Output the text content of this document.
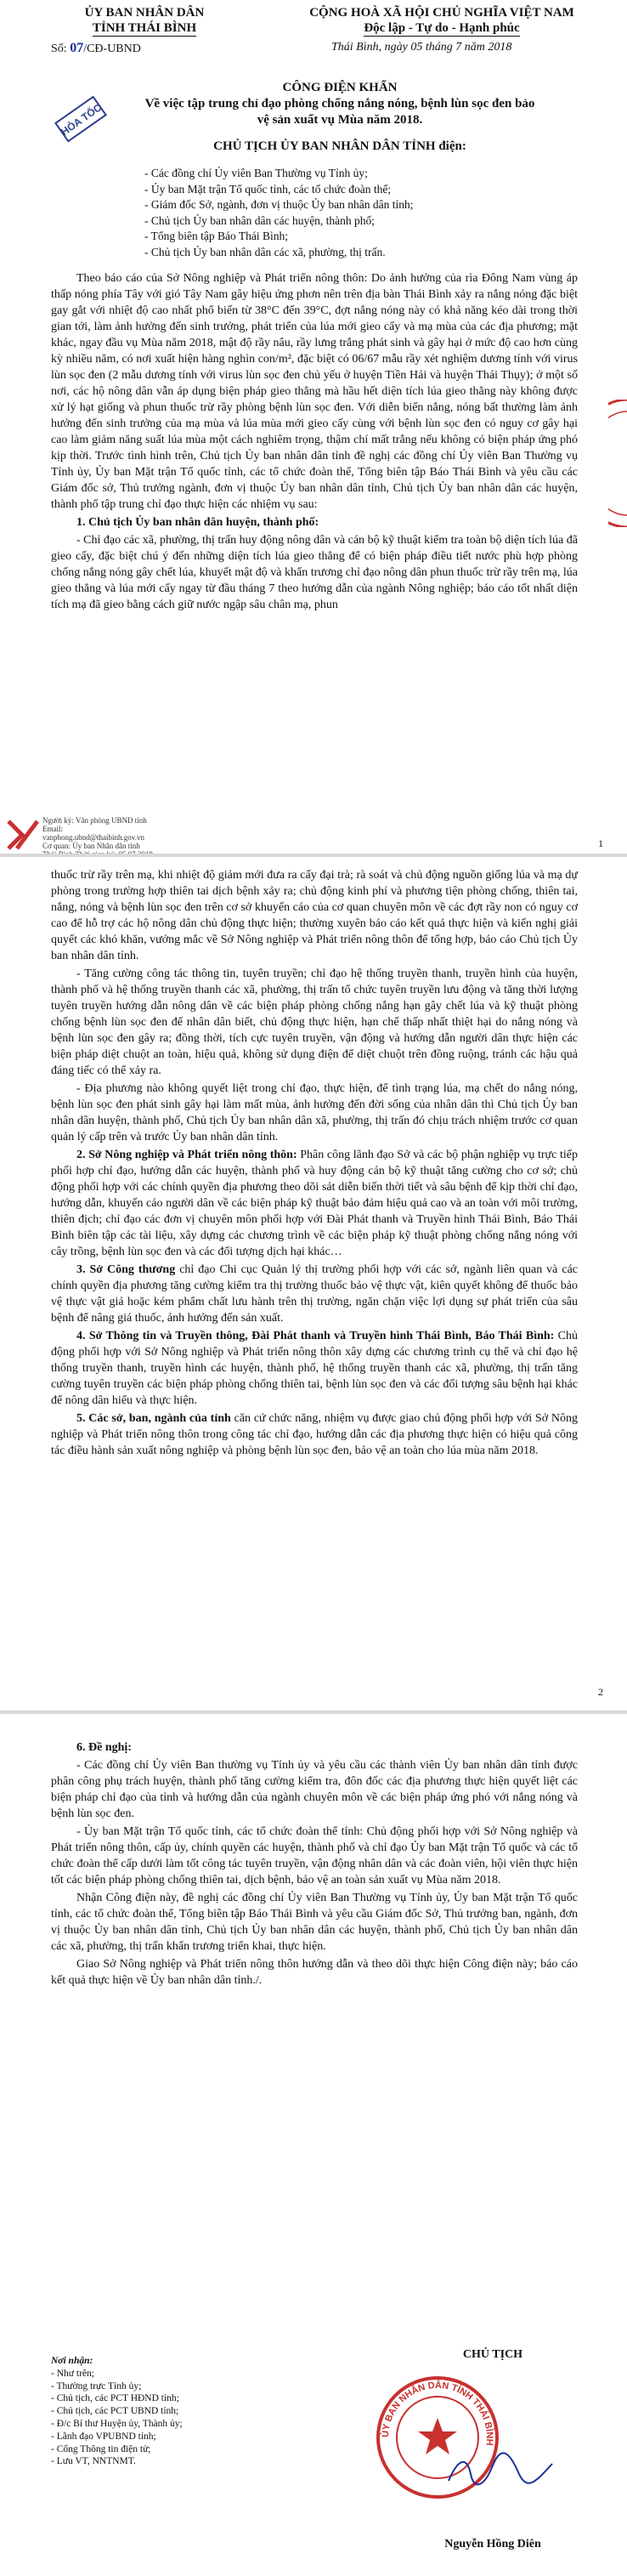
ỦY BAN NHÂN DÂN
TỈNH THÁI BÌNH
CỘNG HOÀ XÃ HỘI CHỦ NGHĨA VIỆT NAM
Độc lập - Tự do - Hạnh phúc
Số: 07/CĐ-UBND	Thái Bình, ngày 05 tháng 7 năm 2018
HỎA TỐC
CÔNG ĐIỆN KHẨN
Về việc tập trung chỉ đạo phòng chống nắng nóng, bệnh lùn sọc đen bảo vệ sản xuất vụ Mùa năm 2018.
CHỦ TỊCH ỦY BAN NHÂN DÂN TỈNH điện:
- Các đồng chí Ủy viên Ban Thường vụ Tỉnh ủy;
- Ủy ban Mặt trận Tổ quốc tỉnh, các tổ chức đoàn thể;
- Giám đốc Sở, ngành, đơn vị thuộc Ủy ban nhân dân tỉnh;
- Chủ tịch Ủy ban nhân dân các huyện, thành phố;
- Tổng biên tập Báo Thái Bình;
- Chủ tịch Ủy ban nhân dân các xã, phường, thị trấn.

Theo báo cáo của Sở Nông nghiệp và Phát triển nông thôn: Do ảnh hưởng của rìa Đông Nam vùng áp thấp nóng phía Tây với gió Tây Nam gây hiệu ứng phơn nên trên địa bàn Thái Bình xảy ra nắng nóng đặc biệt gay gắt với nhiệt độ cao nhất phổ biến từ 38°C đến 39°C, đợt nắng nóng này có khả năng kéo dài trong thời gian tới, làm ảnh hưởng đến sinh trưởng, phát triển của lúa mới gieo cấy và mạ mùa của các địa phương; mặt khác, ngay đầu vụ Mùa năm 2018, mật độ rầy nâu, rầy lưng trắng phát sinh và gây hại ở mức độ cao hơn cùng kỳ nhiều năm, có nơi xuất hiện hàng nghìn con/m², đặc biệt có 06/67 mẫu rầy xét nghiệm dương tính với virus lùn sọc đen (2 mẫu dương tính với virus lùn sọc đen chủ yếu ở huyện Tiền Hải và huyện Thái Thụy); ở một số nơi, các hộ nông dân vẫn áp dụng biện pháp gieo thẳng mà hầu hết diện tích lúa gieo thẳng này không được xử lý hạt giống và phun thuốc trừ rầy phòng bệnh lùn sọc đen. Với diễn biến nắng, nóng bất thường làm ảnh hưởng đến sinh trưởng của mạ mùa và lúa mùa mới gieo cấy cùng với bệnh lùn sọc đen có nguy cơ gây hại cao làm giảm năng suất lúa mùa một cách nghiêm trọng, thậm chí mất trắng nếu không có biện pháp ứng phó kịp thời. Trước tình hình trên, Chủ tịch Ủy ban nhân dân tỉnh đề nghị các đồng chí Ủy viên Ban Thường vụ Tỉnh ủy, Ủy ban Mặt trận Tổ quốc tỉnh, các tổ chức đoàn thể, Tổng biên tập Báo Thái Bình và yêu cầu các Giám đốc sở, Thủ trưởng ngành, đơn vị thuộc Ủy ban nhân dân tỉnh, Chủ tịch Ủy ban nhân dân các huyện, thành phố tập trung chỉ đạo thực hiện các nhiệm vụ sau:

1. Chủ tịch Ủy ban nhân dân huyện, thành phố:

- Chỉ đạo các xã, phường, thị trấn huy động nông dân và cán bộ kỹ thuật kiểm tra toàn bộ diện tích lúa đã gieo cấy, đặc biệt chú ý đến những diện tích lúa gieo thẳng để có biện pháp điều tiết nước phù hợp phòng chống nắng nóng gây chết lúa, khuyết mật độ và khẩn trương chỉ đạo nông dân phun thuốc trừ rầy trên mạ, lúa gieo thẳng và lúa mới cấy ngay từ đầu tháng 7 theo hướng dẫn của ngành Nông nghiệp; báo cáo tốt nhất diện tích mạ đã gieo bằng cách giữ nước ngập sâu chân mạ, phun

Người ký: Văn phòng UBND tỉnh Email: vanphong.ubnd@thaibinh.gov.vn Cơ quan: Ủy ban Nhân dân tỉnh	1

thuốc trừ rầy trên mạ, khi nhiệt độ giảm mới đưa ra cấy đại trà; rà soát và chủ động nguồn giống lúa và mạ dự phòng trong trường hợp thiên tai dịch bệnh xảy ra; chủ động kinh phí và phương tiện phòng chống, thiên tai, nắng, nóng và bệnh lùn sọc đen trên cơ sở khuyến cáo của cơ quan chuyên môn về các đợt rầy non có nguy cơ cao để hỗ trợ các hộ nông dân chủ động thực hiện; thường xuyên báo cáo kết quả thực hiện và kiến nghị giải quyết các khó khăn, vướng mắc về Sở Nông nghiệp và Phát triển nông thôn để tổng hợp, báo cáo Chủ tịch Ủy ban nhân dân tỉnh.

- Tăng cường công tác thông tin, tuyên truyền; chỉ đạo hệ thống truyền thanh, truyền hình của huyện, thành phố và hệ thống truyền thanh các xã, phường, thị trấn tổ chức tuyên truyền lưu động và tăng thời lượng tuyên truyền hướng dẫn nông dân về các biện pháp phòng chống nắng hạn gây chết lúa và kỹ thuật phòng chống bệnh lùn sọc đen để nhân dân biết, chủ động thực hiện, hạn chế thấp nhất thiệt hại do nắng nóng và bệnh lùn sọc đen gây ra; đồng thời, tích cực tuyên truyền, vận động và hướng dẫn người dân thực hiện các biện pháp diệt chuột an toàn, hiệu quả, không sử dụng điện để diệt chuột trên đồng ruộng, tránh các hậu quả đáng tiếc có thể xảy ra.

- Địa phương nào không quyết liệt trong chỉ đạo, thực hiện, để tình trạng lúa, mạ chết do nắng nóng, bệnh lùn sọc đen phát sinh gây hại làm mất mùa, ảnh hưởng đến đời sống của nhân dân thì Chủ tịch Ủy ban nhân dân huyện, thành phố, Chủ tịch Ủy ban nhân dân xã, phường, thị trấn đó chịu trách nhiệm trước cơ quan quản lý cấp trên và trước Ủy ban nhân dân tỉnh.

2. Sở Nông nghiệp và Phát triển nông thôn: Phân công lãnh đạo Sở và các bộ phận nghiệp vụ trực tiếp phối hợp chỉ đạo, hướng dẫn các huyện, thành phố và huy động cán bộ kỹ thuật tăng cường cho cơ sở; chủ động phối hợp với các chính quyền địa phương theo dõi sát diễn biến thời tiết và sâu bệnh để kịp thời chỉ đạo, hướng dẫn, khuyến cáo người dân về các biện pháp kỹ thuật bảo đảm hiệu quả cao và an toàn với môi trường, thiên địch; chỉ đạo các đơn vị chuyên môn phối hợp với Đài Phát thanh và Truyền hình Thái Bình, Báo Thái Bình biên tập các tài liệu, xây dựng các chương trình về các biện pháp kỹ thuật phòng chống nắng nóng với cây trồng, bệnh lùn sọc đen và các đối tượng dịch hại khác…

3. Sở Công thương chỉ đạo Chi cục Quản lý thị trường phối hợp với các sở, ngành liên quan và các chính quyền địa phương tăng cường kiểm tra thị trường thuốc bảo vệ thực vật, kiên quyết không để thuốc bảo vệ thực vật giả hoặc kém phẩm chất lưu hành trên thị trường, ngăn chặn việc lợi dụng sự phát triển của sâu bệnh để nâng giá thuốc, ảnh hưởng đến sản xuất.

4. Sở Thông tin và Truyền thông, Đài Phát thanh và Truyền hình Thái Bình, Báo Thái Bình: Chủ động phối hợp với Sở Nông nghiệp và Phát triển nông thôn xây dựng các chương trình cụ thể và chỉ đạo hệ thống truyền thanh, truyền hình các huyện, thành phố, hệ thống truyền thanh các xã, phường, thị trấn tăng cường tuyên truyền các biện pháp phòng chống thiên tai, bệnh lùn sọc đen và các đối tượng sâu bệnh hại khác để nông dân hiểu và thực hiện.

5. Các sở, ban, ngành của tỉnh căn cứ chức năng, nhiệm vụ được giao chủ động phối hợp với Sở Nông nghiệp và Phát triển nông thôn trong công tác chỉ đạo, hướng dẫn các địa phương thực hiện có hiệu quả công tác điều hành sản xuất nông nghiệp và phòng bệnh lùn sọc đen, bảo vệ an toàn cho lúa mùa năm 2018.

2

6. Đề nghị:

- Các đồng chí Ủy viên Ban thường vụ Tỉnh ủy và yêu cầu các thành viên Ủy ban nhân dân tỉnh được phân công phụ trách huyện, thành phố tăng cường kiểm tra, đôn đốc các địa phương thực hiện quyết liệt các biện pháp chỉ đạo của tỉnh và hướng dẫn của ngành chuyên môn về các biện pháp ứng phó với nắng nóng và bệnh lùn sọc đen.

- Ủy ban Mặt trận Tổ quốc tỉnh, các tổ chức đoàn thể tỉnh: Chủ động phối hợp với Sở Nông nghiệp và Phát triển nông thôn, cấp ủy, chính quyền các huyện, thành phố và chỉ đạo Ủy ban Mặt trận Tổ quốc và các tổ chức đoàn thể cấp dưới làm tốt công tác tuyên truyền, vận động nhân dân và các đoàn viên, hội viên thực hiện tốt các biện pháp phòng chống thiên tai, dịch bệnh, bảo vệ an toàn sản xuất vụ Mùa năm 2018.

Nhận Công điện này, đề nghị các đồng chí Ủy viên Ban Thường vụ Tỉnh ủy, Ủy ban Mặt trận Tổ quốc tỉnh, các tổ chức đoàn thể, Tổng biên tập Báo Thái Bình và yêu cầu Giám đốc Sở, Thủ trưởng ban, ngành, đơn vị thuộc Ủy ban nhân dân tỉnh, Chủ tịch Ủy ban nhân dân các huyện, thành phố, Chủ tịch Ủy ban nhân dân các xã, phường, thị trấn khẩn trương triển khai, thực hiện.

Giao Sở Nông nghiệp và Phát triển nông thôn hướng dẫn và theo dõi thực hiện Công điện này; báo cáo kết quả thực hiện về Ủy ban nhân dân tỉnh./.

Nơi nhận:
- Như trên;
- Thường trực Tỉnh ủy;
- Chủ tịch, các PCT HĐND tỉnh;
- Chủ tịch, các PCT UBND tỉnh;
- Đ/c Bí thư Huyện ủy, Thành ủy;
- Lãnh đạo VPUBND tỉnh;
- Cổng Thông tin điện tử;
- Lưu VT, NNTNMT.
CHỦ TỊCH
ỦY BAN NHÂN DÂN TỈNH THÁI BÌNH
Nguyễn Hồng Diên
